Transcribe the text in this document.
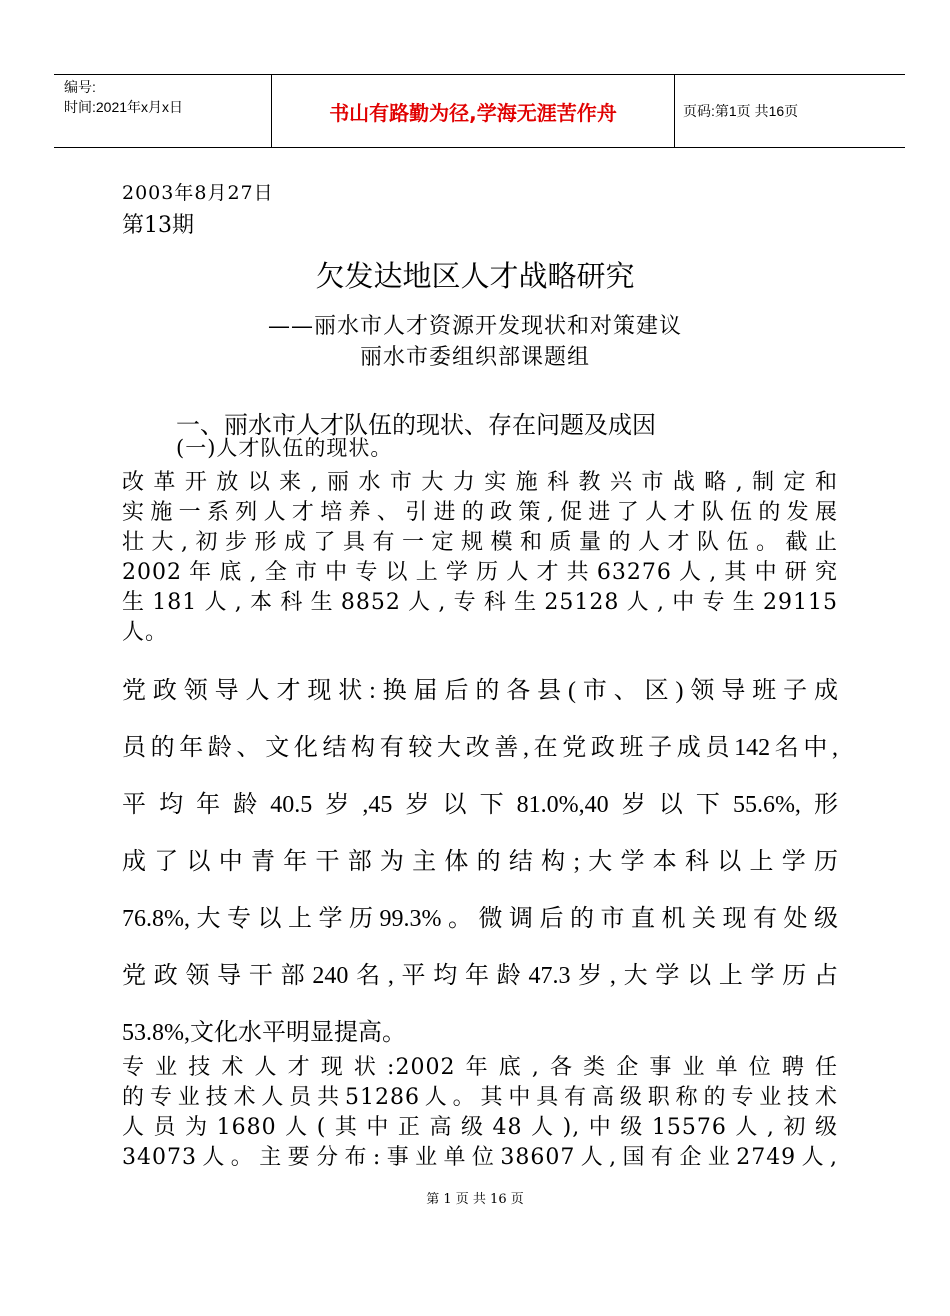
编号:
时间:2021年x月x日	书山有路勤为径,学海无涯苦作舟	页码:第1页 共16页
2003年8月27日
第13期
欠发达地区人才战略研究
——丽水市人才资源开发现状和对策建议
丽水市委组织部课题组
一、丽水市人才队伍的现状、存在问题及成因
(一)人才队伍的现状。
改革开放以来,丽水市大力实施科教兴市战略,制定和
实施一系列人才培养、引进的政策,促进了人才队伍的发展
壮大,初步形成了具有一定规模和质量的人才队伍。截止
2002年底,全市中专以上学历人才共63276人,其中研究
生181人,本科生8852人,专科生25128人,中专生29115
人。
党政领导人才现状:换届后的各县(市、区)领导班子成
员的年龄、文化结构有较大改善,在党政班子成员142名中,
平均年龄40.5岁,45岁以下81.0%,40岁以下55.6%,形
成了以中青年干部为主体的结构;大学本科以上学历
76.8%,大专以上学历99.3%。微调后的市直机关现有处级
党政领导干部240名,平均年龄47.3岁,大学以上学历占
53.8%,文化水平明显提高。
专业技术人才现状:2002年底,各类企事业单位聘任
的专业技术人员共51286人。其中具有高级职称的专业技术
人员为1680人(其中正高级48人),中级15576人,初级
34073人。主要分布:事业单位38607人,国有企业2749人,
第 1 页 共 16 页
